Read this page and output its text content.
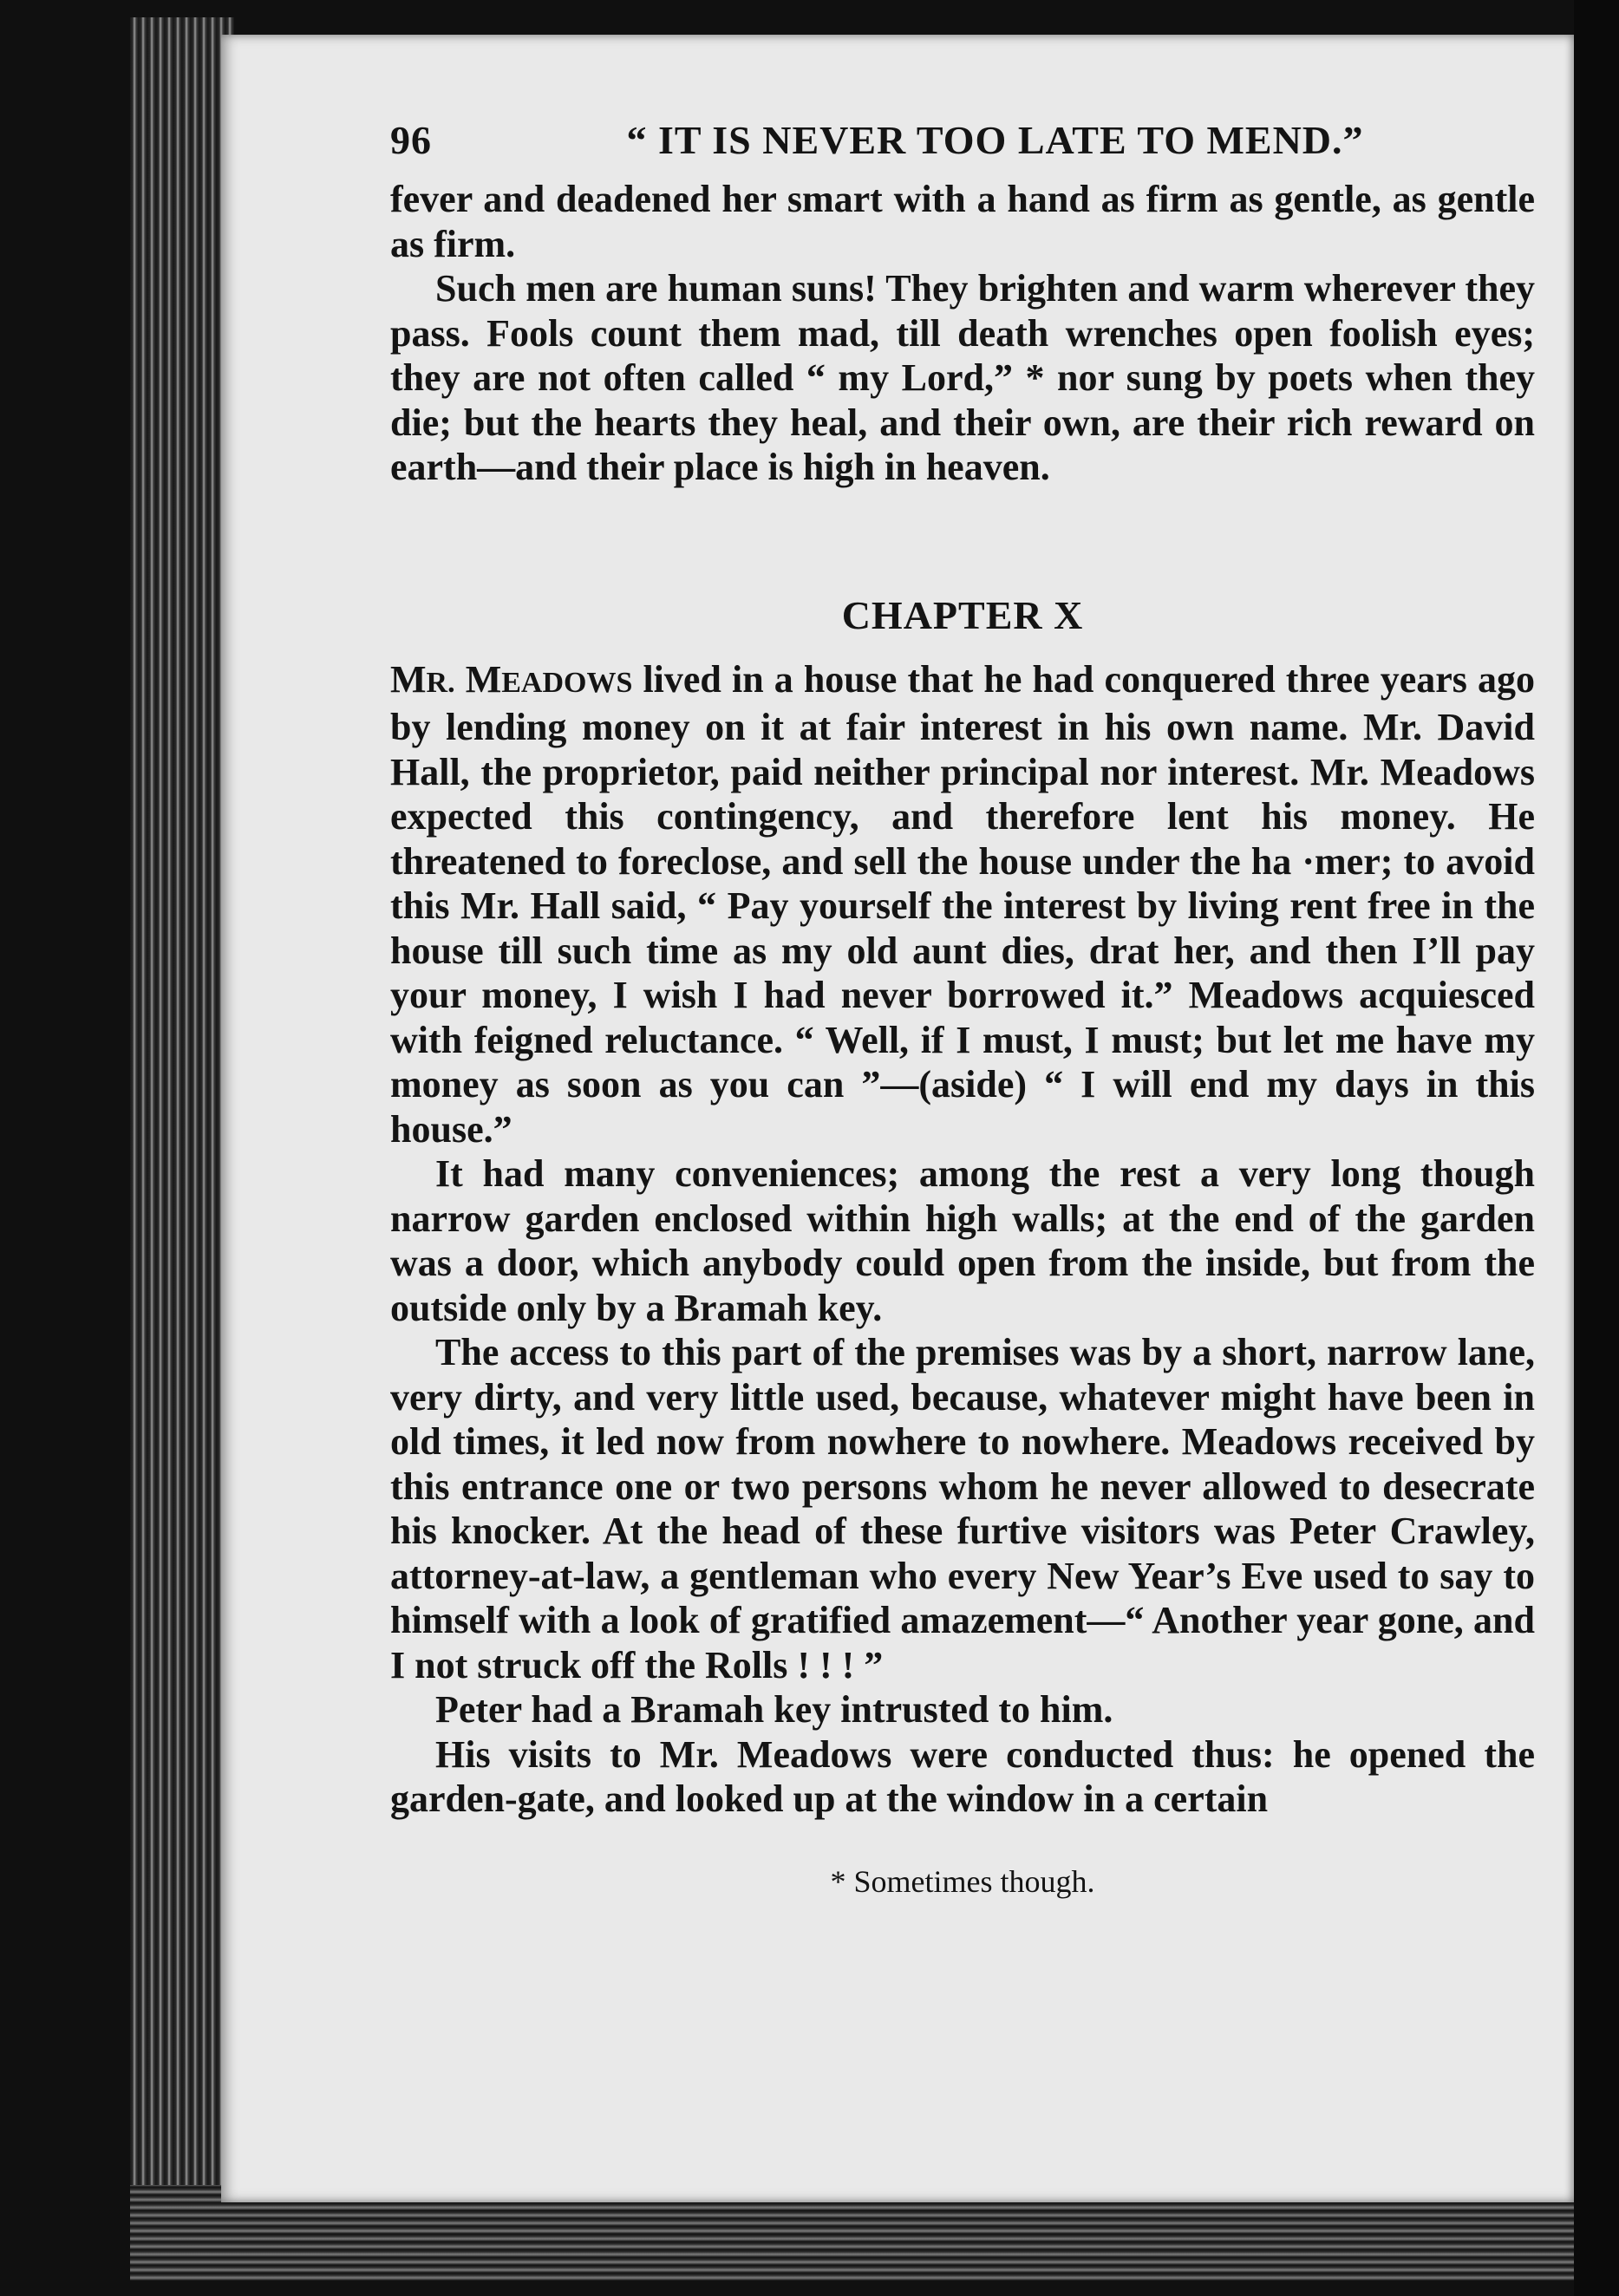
96	“ IT IS NEVER TOO LATE TO MEND.”

fever and deadened her smart with a hand as firm as gentle, as gentle as firm.

Such men are human suns! They brighten and warm wherever they pass. Fools count them mad, till death wrenches open foolish eyes; they are not often called “ my Lord,” * nor sung by poets when they die; but the hearts they heal, and their own, are their rich reward on earth—and their place is high in heaven.

CHAPTER X

MR. MEADOWS lived in a house that he had conquered three years ago by lending money on it at fair interest in his own name. Mr. David Hall, the proprietor, paid neither principal nor interest. Mr. Meadows expected this contingency, and therefore lent his money. He threatened to foreclose, and sell the house under the ha ·mer; to avoid this Mr. Hall said, “ Pay yourself the interest by living rent free in the house till such time as my old aunt dies, drat her, and then I’ll pay your money, I wish I had never borrowed it.” Meadows acquiesced with feigned reluctance. “ Well, if I must, I must; but let me have my money as soon as you can ”—(aside) “ I will end my days in this house.”

It had many conveniences; among the rest a very long though narrow garden enclosed within high walls; at the end of the garden was a door, which anybody could open from the inside, but from the outside only by a Bramah key.

The access to this part of the premises was by a short, narrow lane, very dirty, and very little used, because, whatever might have been in old times, it led now from nowhere to nowhere. Meadows received by this entrance one or two persons whom he never allowed to desecrate his knocker. At the head of these furtive visitors was Peter Crawley, attorney-at-law, a gentleman who every New Year’s Eve used to say to himself with a look of gratified amazement—“ Another year gone, and I not struck off the Rolls ! ! ! ”

Peter had a Bramah key intrusted to him.

His visits to Mr. Meadows were conducted thus: he opened the garden-gate, and looked up at the window in a certain

* Sometimes though.
